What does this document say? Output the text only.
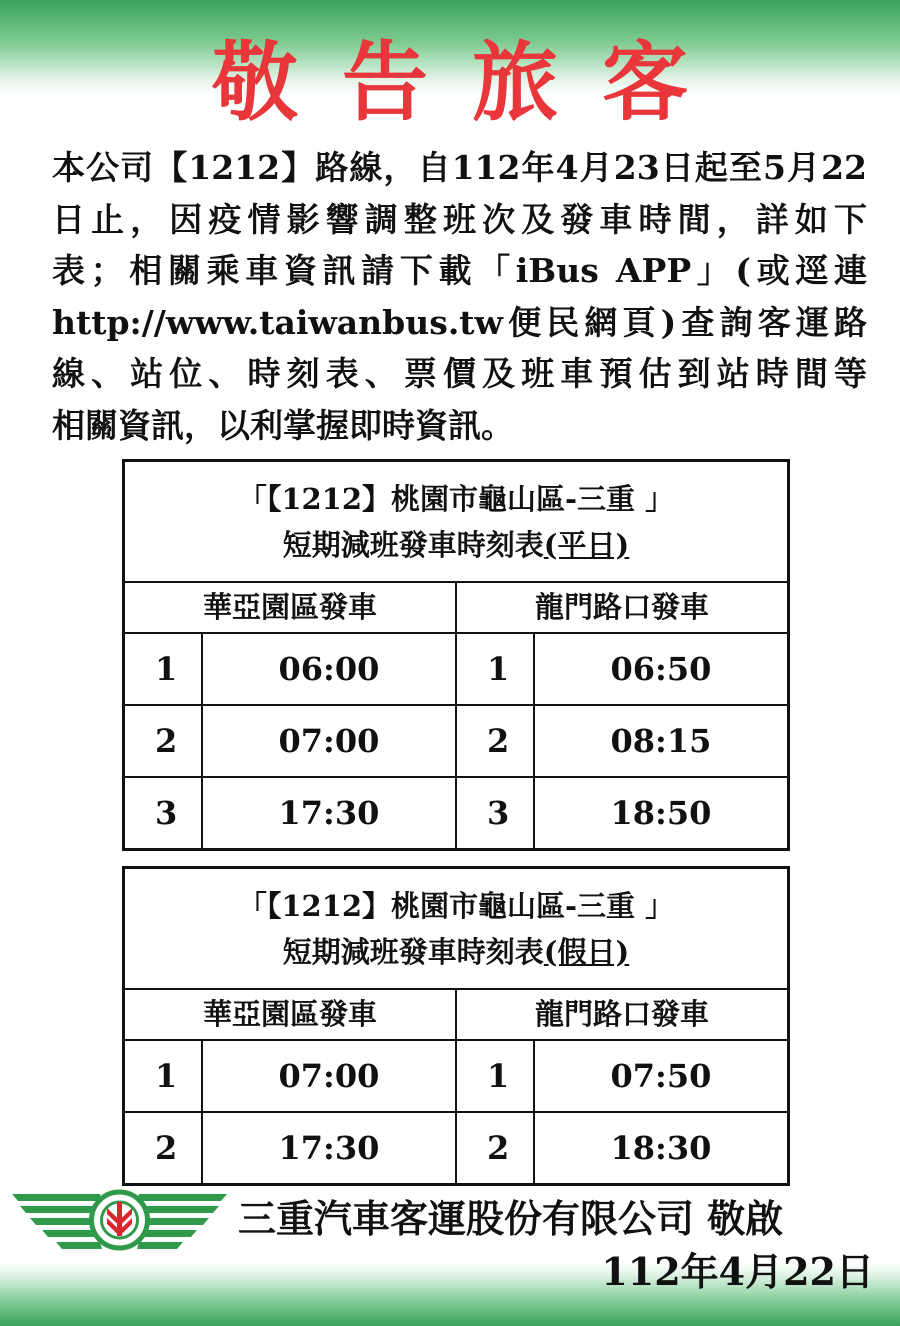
敬告旅客
本公司【1212】路線，自112年4月23日起至5月22
日止，因疫情影響調整班次及發車時間，詳如下
表；相關乘車資訊請下載「iBus APP」(或逕連
http://www.taiwanbus.tw便民網頁)查詢客運路
線、站位、時刻表、票價及班車預估到站時間等
相關資訊，以利掌握即時資訊。
「【1212】桃園市龜山區-三重 」
短期減班發車時刻表(平日)
華亞園區發車	龍門路口發車
1	06:00	1	06:50
2	07:00	2	08:15
3	17:30	3	18:50
「【1212】桃園市龜山區-三重 」
短期減班發車時刻表(假日)
華亞園區發車	龍門路口發車
1	07:00	1	07:50
2	17:30	2	18:30
三重汽車客運股份有限公司 敬啟
112年4月22日
